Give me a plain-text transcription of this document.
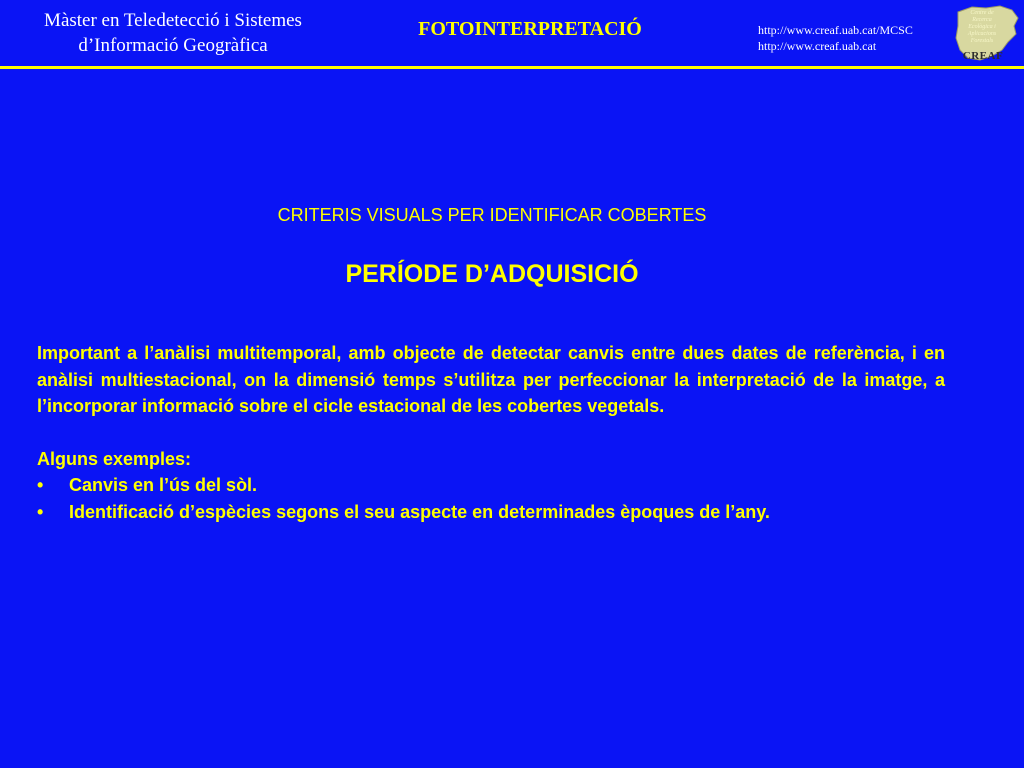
Màster en Teledetecció i Sistemes
d’Informació Geogràfica
FOTOINTERPRETACIÓ	http://www.creaf.uab.cat/MCSC
http://www.creaf.uab.cat
Centre de
Recerca
Ecològica i
Aplicacions
Forestals
CREAF
CRITERIS VISUALS PER IDENTIFICAR COBERTES
PERÍODE D’ADQUISICIÓ
Important a l’anàlisi multitemporal, amb objecte de detectar canvis entre dues dates de referència, i en anàlisi multiestacional, on la dimensió temps s’utilitza per perfeccionar la interpretació de la imatge, a l’incorporar informació sobre el cicle estacional de les cobertes vegetals.
Alguns exemples:
• Canvis en l’ús del sòl.
• Identificació d’espècies segons el seu aspecte en determinades èpoques de l’any.
